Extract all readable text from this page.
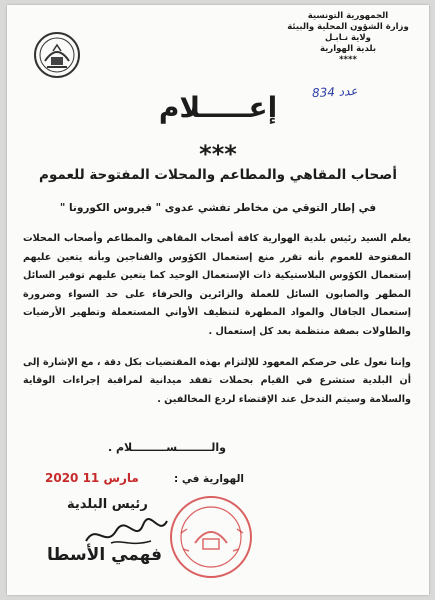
الجمهورية التونسية
وزارة الشؤون المحلية والبيئة
ولاية نـابـل
بلدية الهوارية
****
834 عدد
إعـــــلام
***
أصحاب المقاهي والمطاعم والمحلات المفتوحة للعموم
في إطار التوقي من مخاطر تفشي عدوى " فيروس الكورونا "

يعلم السيد رئيس بلدية الهوارية كافة أصحاب المقاهي والمطاعم وأصحاب المحلات المفتوحة للعموم بأنه تقرر منع إستعمال الكؤوس والفناجين وبأنه يتعين عليهم إستعمال الكؤوس البلاستيكية ذات الإستعمال الوحيد كما يتعين عليهم توفير السائل المطهر والصابون السائل للعملة والزائرين والحرفاء على حد السواء وضرورة إستعمال الجافال والمواد المطهرة لتنظيف الأواني المستعملة وتطهير الأرضيات والطاولات بصفة منتظمة بعد كل إستعمال .

وإننا نعول على حرصكم المعهود للإلتزام بهذه المقتضيات بكل دقة ، مع الإشارة إلى أن البلدية ستشرع في القيام بحملات تفقد ميدانية لمراقبة إجراءات الوقاية والسلامة وسيتم التدخل عند الإقتضاء لردع المخالفين .

والـــــــــســـــــــلام .
الهوارية في :
2020 مارس 11
رئيس البلدية
فهمي الأسطا
